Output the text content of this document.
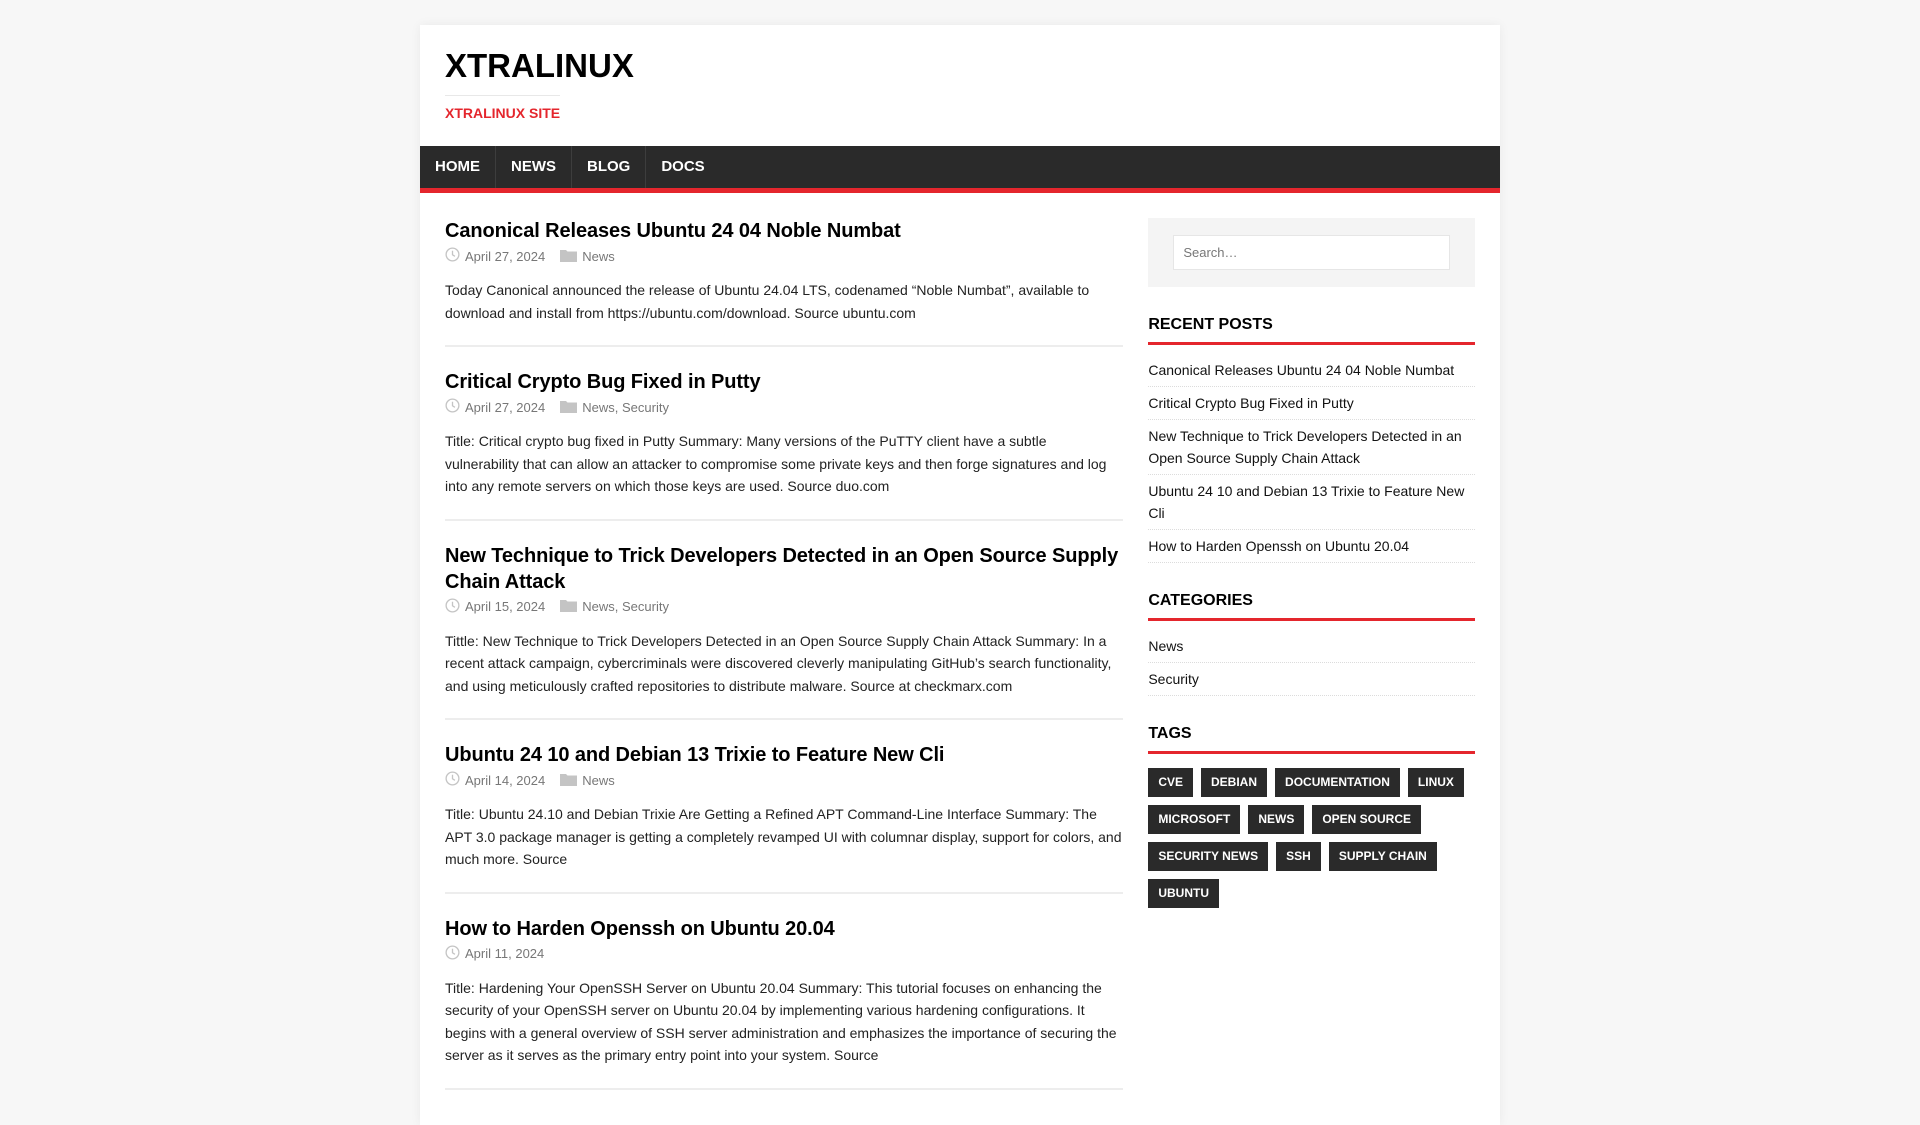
XTRALINUX
XTRALINUX SITE
HOME	NEWS	BLOG	DOCS
Canonical Releases Ubuntu 24 04 Noble Numbat
April 27, 2024	News

Today Canonical announced the release of Ubuntu 24.04 LTS, codenamed “Noble Numbat”, available to download and install from https://ubuntu.com/download. Source ubuntu.com

Critical Crypto Bug Fixed in Putty
April 27, 2024	News , Security

Title: Critical crypto bug fixed in Putty Summary: Many versions of the PuTTY client have a subtle vulnerability that can allow an attacker to compromise some private keys and then forge signatures and log into any remote servers on which those keys are used. Source duo.com

New Technique to Trick Developers Detected in an Open Source Supply Chain Attack
April 15, 2024	News , Security

Tittle: New Technique to Trick Developers Detected in an Open Source Supply Chain Attack Summary: In a recent attack campaign, cybercriminals were discovered cleverly manipulating GitHub’s search functionality, and using meticulously crafted repositories to distribute malware. Source at checkmarx.com

Ubuntu 24 10 and Debian 13 Trixie to Feature New Cli
April 14, 2024	News

Title: Ubuntu 24.10 and Debian Trixie Are Getting a Refined APT Command-Line Interface Summary: The APT 3.0 package manager is getting a completely revamped UI with columnar display, support for colors, and much more. Source

How to Harden Openssh on Ubuntu 20.04
April 11, 2024

Title: Hardening Your OpenSSH Server on Ubuntu 20.04 Summary: This tutorial focuses on enhancing the security of your OpenSSH server on Ubuntu 20.04 by implementing various hardening configurations. It begins with a general overview of SSH server administration and emphasizes the importance of securing the server as it serves as the primary entry point into your system. Source

Search…
RECENT POSTS
Canonical Releases Ubuntu 24 04 Noble Numbat
Critical Crypto Bug Fixed in Putty
New Technique to Trick Developers Detected in an Open Source Supply Chain Attack
Ubuntu 24 10 and Debian 13 Trixie to Feature New Cli
How to Harden Openssh on Ubuntu 20.04
CATEGORIES
News
Security
TAGS
CVE	DEBIAN	DOCUMENTATION	LINUX
MICROSOFT	NEWS	OPEN SOURCE
SECURITY NEWS	SSH	SUPPLY CHAIN
UBUNTU
